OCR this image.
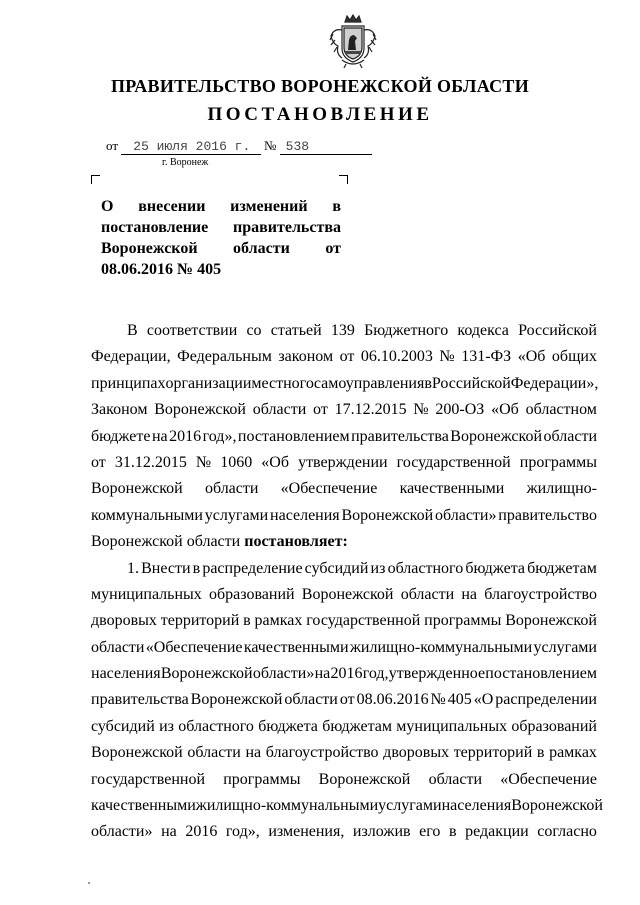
ПРАВИТЕЛЬСТВО ВОРОНЕЖСКОЙ ОБЛАСТИ
ПОСТАНОВЛЕНИЕ
от 25 июля 2016 г.	№ 538
г. Воронеж
О внесении изменений в
постановление правительства
Воронежской области от
08.06.2016 № 405
В соответствии со статьей 139 Бюджетного кодекса Российской
Федерации, Федеральным законом от 06.10.2003 № 131-ФЗ «Об общих
принципах организации местного самоуправления в Российской Федерации»,
Законом Воронежской области от 17.12.2015 № 200-ОЗ «Об областном
бюджете на 2016 год», постановлением правительства Воронежской области
от 31.12.2015 № 1060 «Об утверждении государственной программы
Воронежской области «Обеспечение качественными жилищно-
коммунальными услугами населения Воронежской области» правительство
Воронежской области постановляет:
1. Внести в распределение субсидий из областного бюджета бюджетам
муниципальных образований Воронежской области на благоустройство
дворовых территорий в рамках государственной программы Воронежской
области «Обеспечение качественными жилищно-коммунальными услугами
населения Воронежской области» на 2016 год, утвержденное постановлением
правительства Воронежской области от 08.06.2016 № 405 «О распределении
субсидий из областного бюджета бюджетам муниципальных образований
Воронежской области на благоустройство дворовых территорий в рамках
государственной программы Воронежской области «Обеспечение
качественными жилищно-коммунальными услугами населения Воронежской
области» на 2016 год», изменения, изложив его в редакции согласно
